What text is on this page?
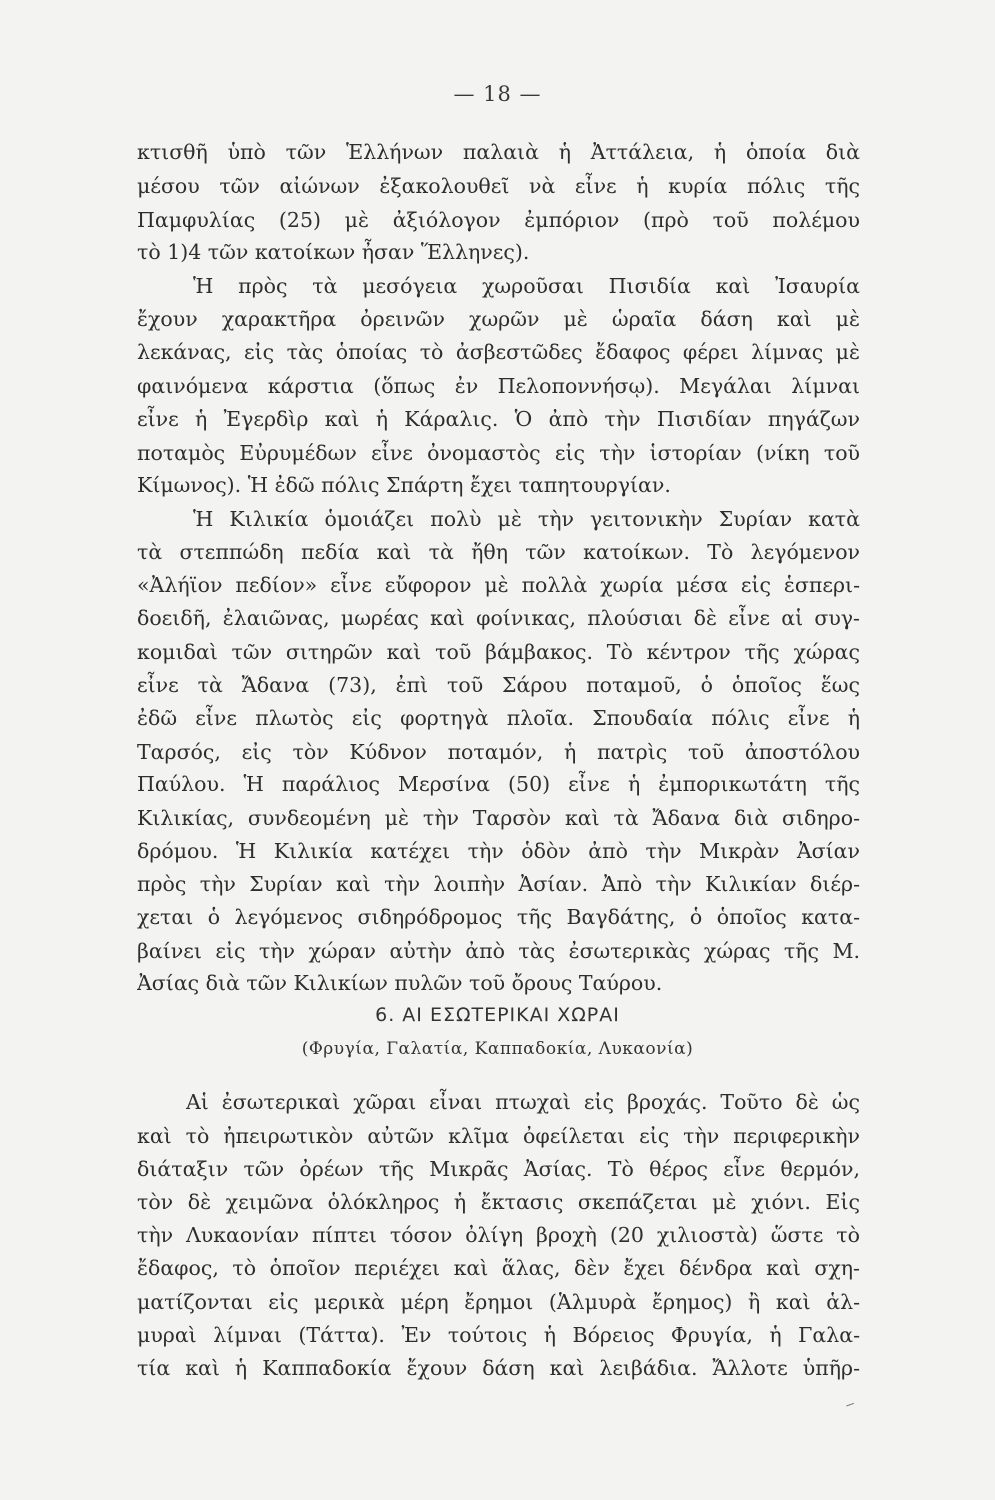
— 18 —
κτισθῆ ὑπὸ τῶν Ἑλλήνων παλαιὰ ἡ Ἀττάλεια, ἡ ὁποία διὰ
μέσου τῶν αἰώνων ἐξακολουθεῖ νὰ εἶνε ἡ κυρία πόλις τῆς
Παμφυλίας (25) μὲ ἀξιόλογον ἐμπόριον (πρὸ τοῦ πολέμου
τὸ 1)4 τῶν κατοίκων ἦσαν Ἕλληνες).
Ἡ πρὸς τὰ μεσόγεια χωροῦσαι Πισιδία καὶ Ἰσαυρία
ἔχουν χαρακτῆρα ὀρεινῶν χωρῶν μὲ ὡραῖα δάση καὶ μὲ
λεκάνας, εἰς τὰς ὁποίας τὸ ἀσβεστῶδες ἔδαφος φέρει λίμνας μὲ
φαινόμενα κάρστια (ὅπως ἐν Πελοποννήσῳ). Μεγάλαι λίμναι
εἶνε ἡ Ἐγερδὶρ καὶ ἡ Κάραλις. Ὁ ἀπὸ τὴν Πισιδίαν πηγάζων
ποταμὸς Εὐρυμέδων εἶνε ὀνομαστὸς εἰς τὴν ἱστορίαν (νίκη τοῦ
Κίμωνος). Ἡ ἐδῶ πόλις Σπάρτη ἔχει ταπητουργίαν.
Ἡ Κιλικία ὁμοιάζει πολὺ μὲ τὴν γειτονικὴν Συρίαν κατὰ
τὰ στεππώδη πεδία καὶ τὰ ἤθη τῶν κατοίκων. Τὸ λεγόμενον
«Ἀλήϊον πεδίον» εἶνε εὔφορον μὲ πολλὰ χωρία μέσα εἰς ἑσπερι-
δοειδῆ, ἐλαιῶνας, μωρέας καὶ φοίνικας, πλούσιαι δὲ εἶνε αἱ συγ-
κομιδαὶ τῶν σιτηρῶν καὶ τοῦ βάμβακος. Τὸ κέντρον τῆς χώρας
εἶνε τὰ Ἄδανα (73), ἐπὶ τοῦ Σάρου ποταμοῦ, ὁ ὁποῖος ἕως
ἐδῶ εἶνε πλωτὸς εἰς φορτηγὰ πλοῖα. Σπουδαία πόλις εἶνε ἡ
Ταρσός, εἰς τὸν Κύδνον ποταμόν, ἡ πατρὶς τοῦ ἀποστόλου
Παύλου. Ἡ παράλιος Μερσίνα (50) εἶνε ἡ ἐμπορικωτάτη τῆς
Κιλικίας, συνδεομένη μὲ τὴν Ταρσὸν καὶ τὰ Ἄδανα διὰ σιδηρο-
δρόμου. Ἡ Κιλικία κατέχει τὴν ὁδὸν ἀπὸ τὴν Μικρὰν Ἀσίαν
πρὸς τὴν Συρίαν καὶ τὴν λοιπὴν Ἀσίαν. Ἀπὸ τὴν Κιλικίαν διέρ-
χεται ὁ λεγόμενος σιδηρόδρομος τῆς Βαγδάτης, ὁ ὁποῖος κατα-
βαίνει εἰς τὴν χώραν αὐτὴν ἀπὸ τὰς ἐσωτερικὰς χώρας τῆς Μ.
Ἀσίας διὰ τῶν Κιλικίων πυλῶν τοῦ ὄρους Ταύρου.
6. ΑΙ ΕΣΩΤΕΡΙΚΑΙ ΧΩΡΑΙ
(Φρυγία, Γαλατία, Καππαδοκία, Λυκαονία)
Αἱ ἐσωτερικαὶ χῶραι εἶναι πτωχαὶ εἰς βροχάς. Τοῦτο δὲ ὡς
καὶ τὸ ἠπειρωτικὸν αὐτῶν κλῖμα ὀφείλεται εἰς τὴν περιφερικὴν
διάταξιν τῶν ὀρέων τῆς Μικρᾶς Ἀσίας. Τὸ θέρος εἶνε θερμόν,
τὸν δὲ χειμῶνα ὁλόκληρος ἡ ἔκτασις σκεπάζεται μὲ χιόνι. Εἰς
τὴν Λυκαονίαν πίπτει τόσον ὀλίγη βροχὴ (20 χιλιοστὰ) ὥστε τὸ
ἔδαφος, τὸ ὁποῖον περιέχει καὶ ἅλας, δὲν ἔχει δένδρα καὶ σχη-
ματίζονται εἰς μερικὰ μέρη ἔρημοι (Ἁλμυρὰ ἔρημος) ἢ καὶ ἁλ-
μυραὶ λίμναι (Τάττα). Ἐν τούτοις ἡ Βόρειος Φρυγία, ἡ Γαλα-
τία καὶ ἡ Καππαδοκία ἔχουν δάση καὶ λειβάδια. Ἄλλοτε ὑπῆρ-
